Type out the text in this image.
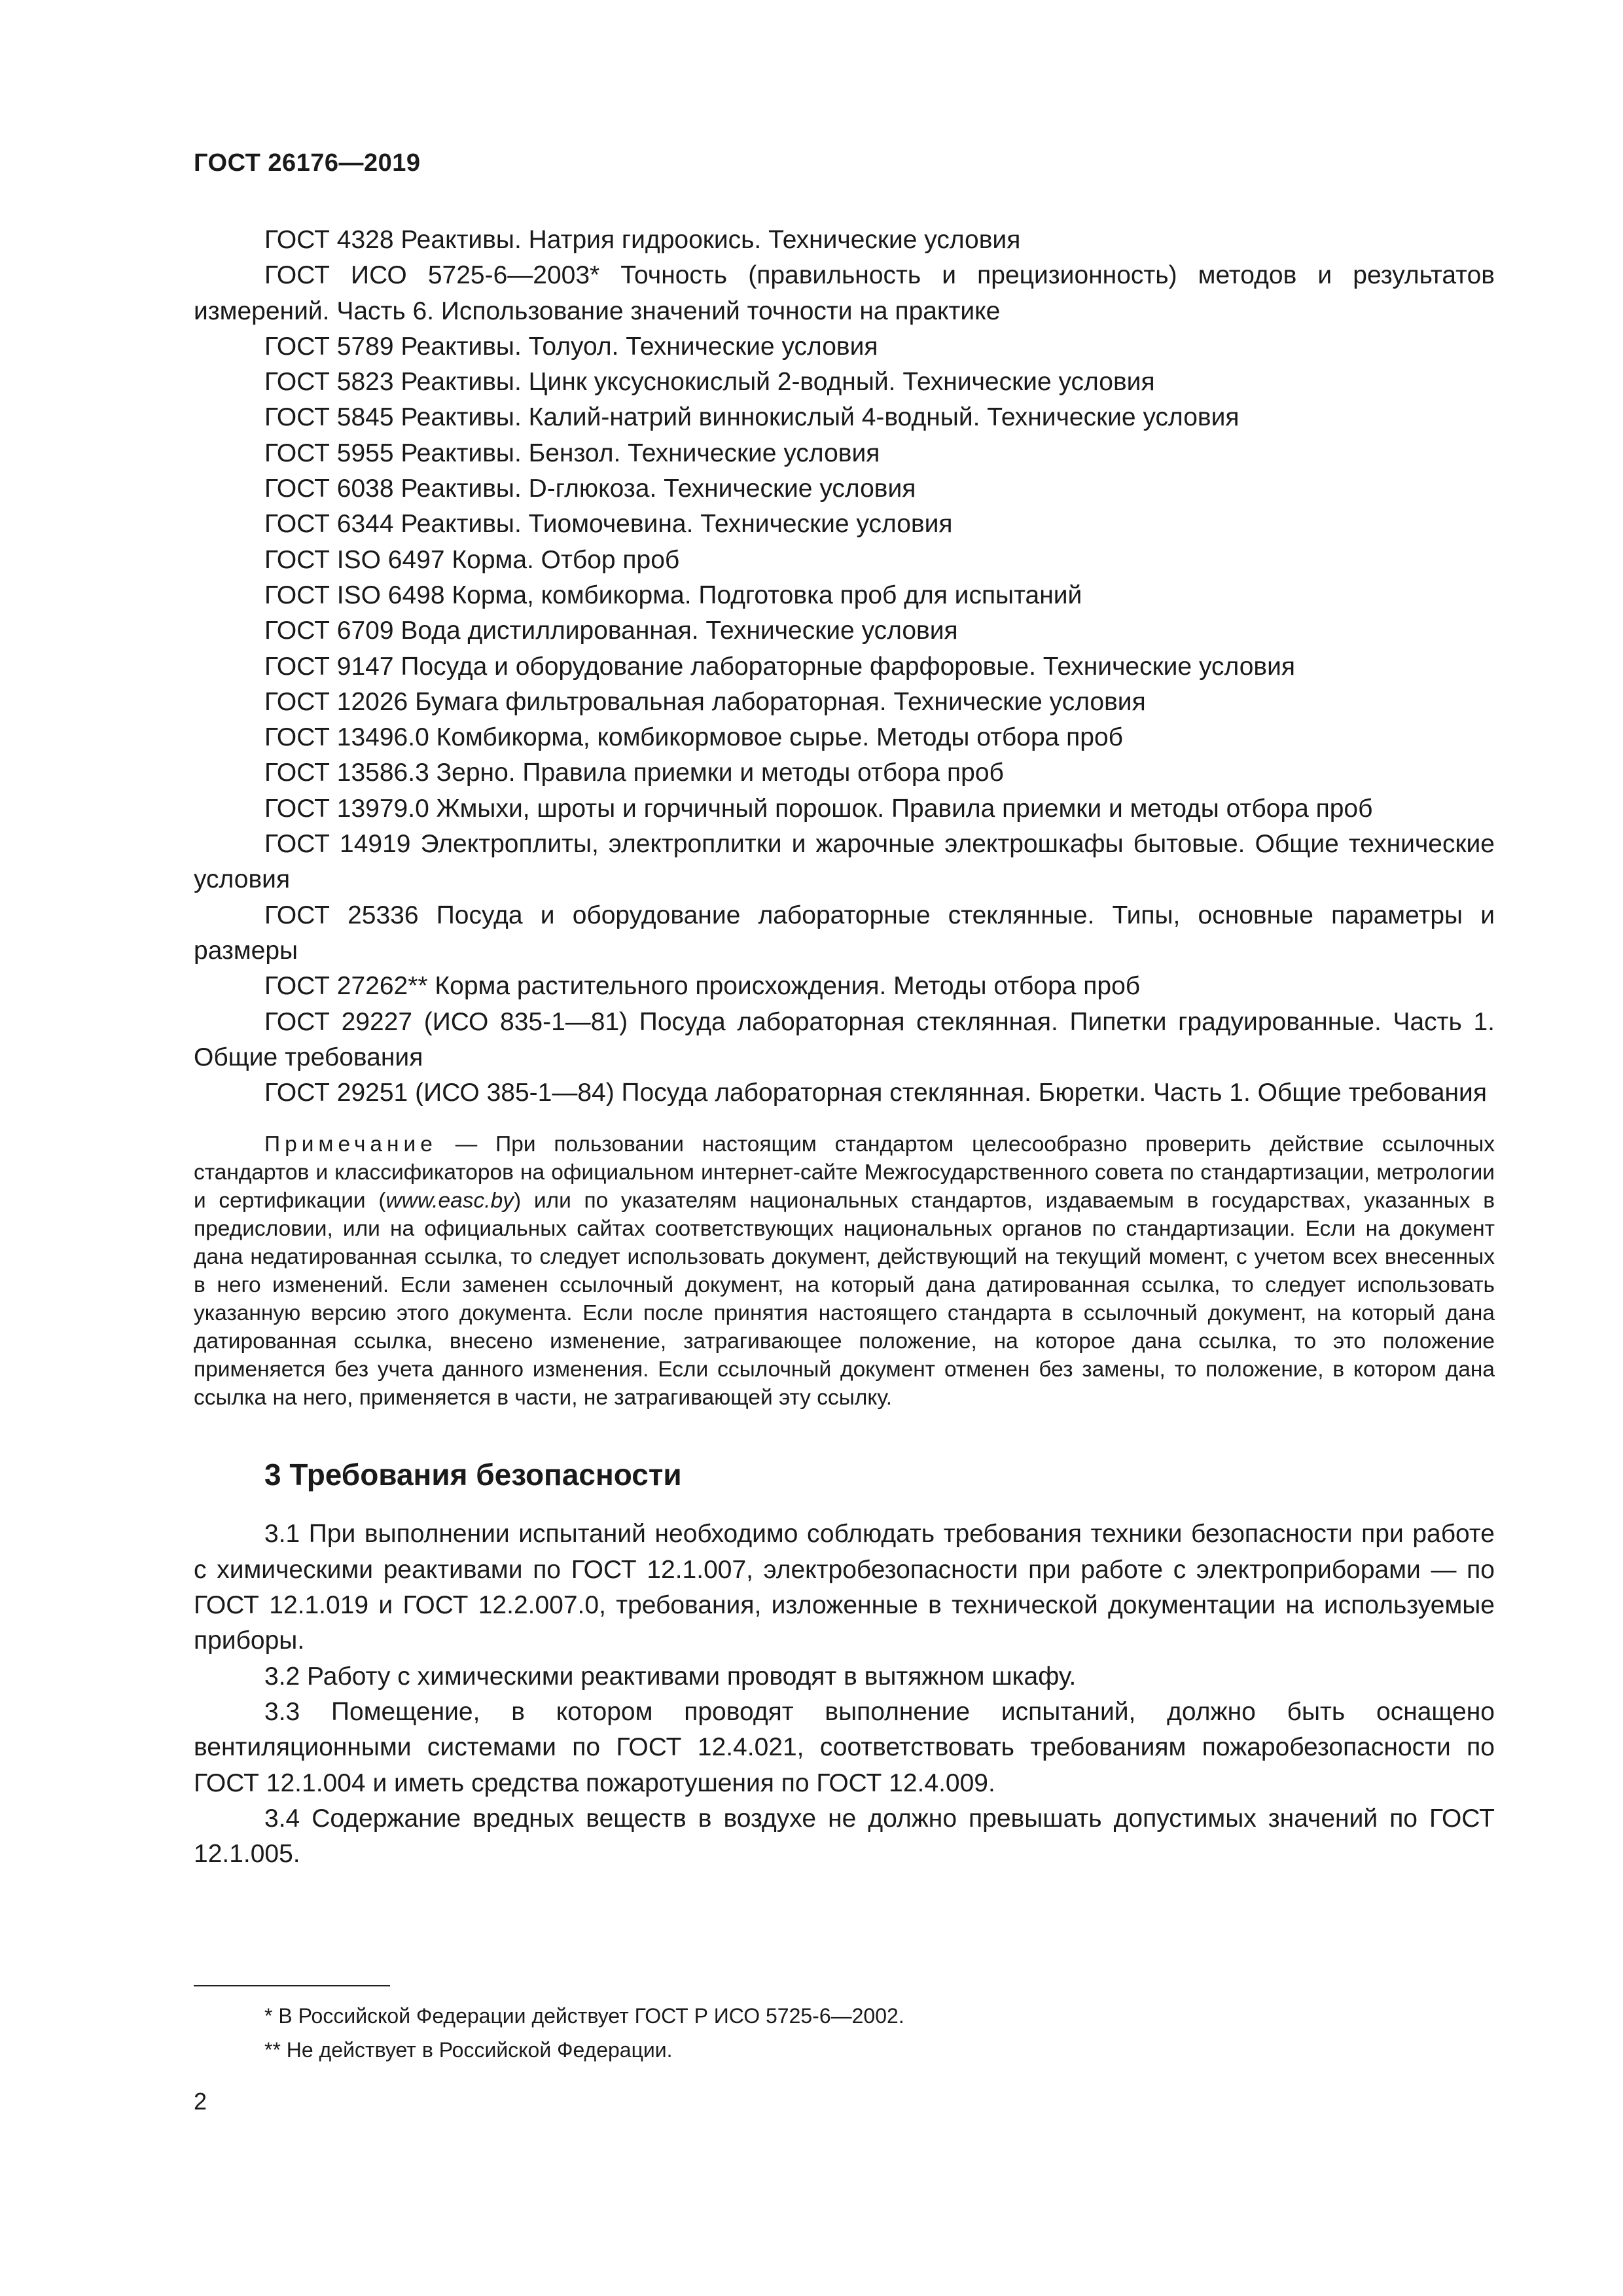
ГОСТ 26176—2019

ГОСТ 4328 Реактивы. Натрия гидроокись. Технические условия

ГОСТ ИСО 5725-6—2003* Точность (правильность и прецизионность) методов и результатов измерений. Часть 6. Использование значений точности на практике

ГОСТ 5789 Реактивы. Толуол. Технические условия

ГОСТ 5823 Реактивы. Цинк уксуснокислый 2-водный. Технические условия

ГОСТ 5845 Реактивы. Калий-натрий виннокислый 4-водный. Технические условия

ГОСТ 5955 Реактивы. Бензол. Технические условия

ГОСТ 6038 Реактивы. D-глюкоза. Технические условия

ГОСТ 6344 Реактивы. Тиомочевина. Технические условия

ГОСТ ISO 6497 Корма. Отбор проб

ГОСТ ISO 6498 Корма, комбикорма. Подготовка проб для испытаний

ГОСТ 6709 Вода дистиллированная. Технические условия

ГОСТ 9147 Посуда и оборудование лабораторные фарфоровые. Технические условия

ГОСТ 12026 Бумага фильтровальная лабораторная. Технические условия

ГОСТ 13496.0 Комбикорма, комбикормовое сырье. Методы отбора проб

ГОСТ 13586.3 Зерно. Правила приемки и методы отбора проб

ГОСТ 13979.0 Жмыхи, шроты и горчичный порошок. Правила приемки и методы отбора проб

ГОСТ 14919 Электроплиты, электроплитки и жарочные электрошкафы бытовые. Общие технические условия

ГОСТ 25336 Посуда и оборудование лабораторные стеклянные. Типы, основные параметры и размеры

ГОСТ 27262** Корма растительного происхождения. Методы отбора проб

ГОСТ 29227 (ИСО 835-1—81) Посуда лабораторная стеклянная. Пипетки градуированные. Часть 1. Общие требования

ГОСТ 29251 (ИСО 385-1—84) Посуда лабораторная стеклянная. Бюретки. Часть 1. Общие требования

Примечание — При пользовании настоящим стандартом целесообразно проверить действие ссылочных стандартов и классификаторов на официальном интернет-сайте Межгосударственного совета по стандартизации, метрологии и сертификации (www.easc.by) или по указателям национальных стандартов, издаваемым в государствах, указанных в предисловии, или на официальных сайтах соответствующих национальных органов по стандартизации. Если на документ дана недатированная ссылка, то следует использовать документ, действующий на текущий момент, с учетом всех внесенных в него изменений. Если заменен ссылочный документ, на который дана датированная ссылка, то следует использовать указанную версию этого документа. Если после принятия настоящего стандарта в ссылочный документ, на который дана датированная ссылка, внесено изменение, затрагивающее положение, на которое дана ссылка, то это положение применяется без учета данного изменения. Если ссылочный документ отменен без замены, то положение, в котором дана ссылка на него, применяется в части, не затрагивающей эту ссылку.

3 Требования безопасности

3.1 При выполнении испытаний необходимо соблюдать требования техники безопасности при работе с химическими реактивами по ГОСТ 12.1.007, электробезопасности при работе с электроприборами — по ГОСТ 12.1.019 и ГОСТ 12.2.007.0, требования, изложенные в технической документации на используемые приборы.

3.2 Работу с химическими реактивами проводят в вытяжном шкафу.

3.3 Помещение, в котором проводят выполнение испытаний, должно быть оснащено вентиляционными системами по ГОСТ 12.4.021, соответствовать требованиям пожаробезопасности по ГОСТ 12.1.004 и иметь средства пожаротушения по ГОСТ 12.4.009.

3.4 Содержание вредных веществ в воздухе не должно превышать допустимых значений по ГОСТ 12.1.005.

* В Российской Федерации действует ГОСТ Р ИСО 5725-6—2002.

** Не действует в Российской Федерации.

2
